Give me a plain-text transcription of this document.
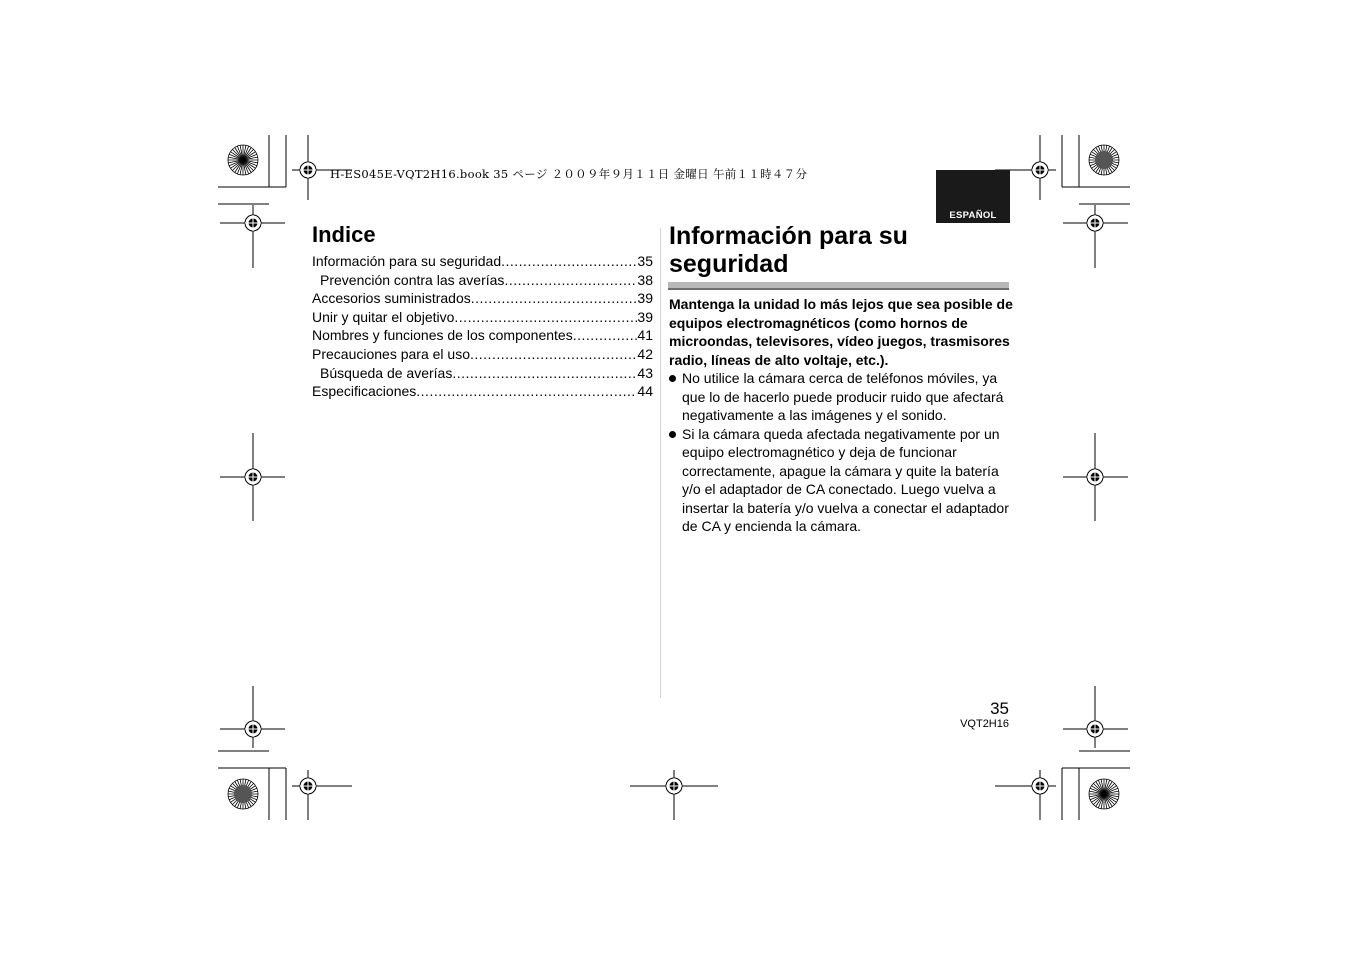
H-ES045E-VQT2H16.book 35 ページ ２００９年９月１１日 金曜日 午前１１時４７分
ESPAÑOL
Indice
Información para su seguridad .....	35
Prevención contra las averías .....	38
Accesorios suministrados .....	39
Unir y quitar el objetivo .....	39
Nombres y funciones de los componentes .....	41
Precauciones para el uso .....	42
Búsqueda de averías .....	43
Especificaciones .....	44
Información para su seguridad
Mantenga la unidad lo más lejos que sea posible de equipos electromagnéticos (como hornos de microondas, televisores, vídeo juegos, trasmisores radio, líneas de alto voltaje, etc.).
No utilice la cámara cerca de teléfonos móviles, ya que lo de hacerlo puede producir ruido que afectará negativamente a las imágenes y el sonido.
Si la cámara queda afectada negativamente por un equipo electromagnético y deja de funcionar correctamente, apague la cámara y quite la batería y/o el adaptador de CA conectado. Luego vuelva a insertar la batería y/o vuelva a conectar el adaptador de CA y encienda la cámara.
35
VQT2H16
